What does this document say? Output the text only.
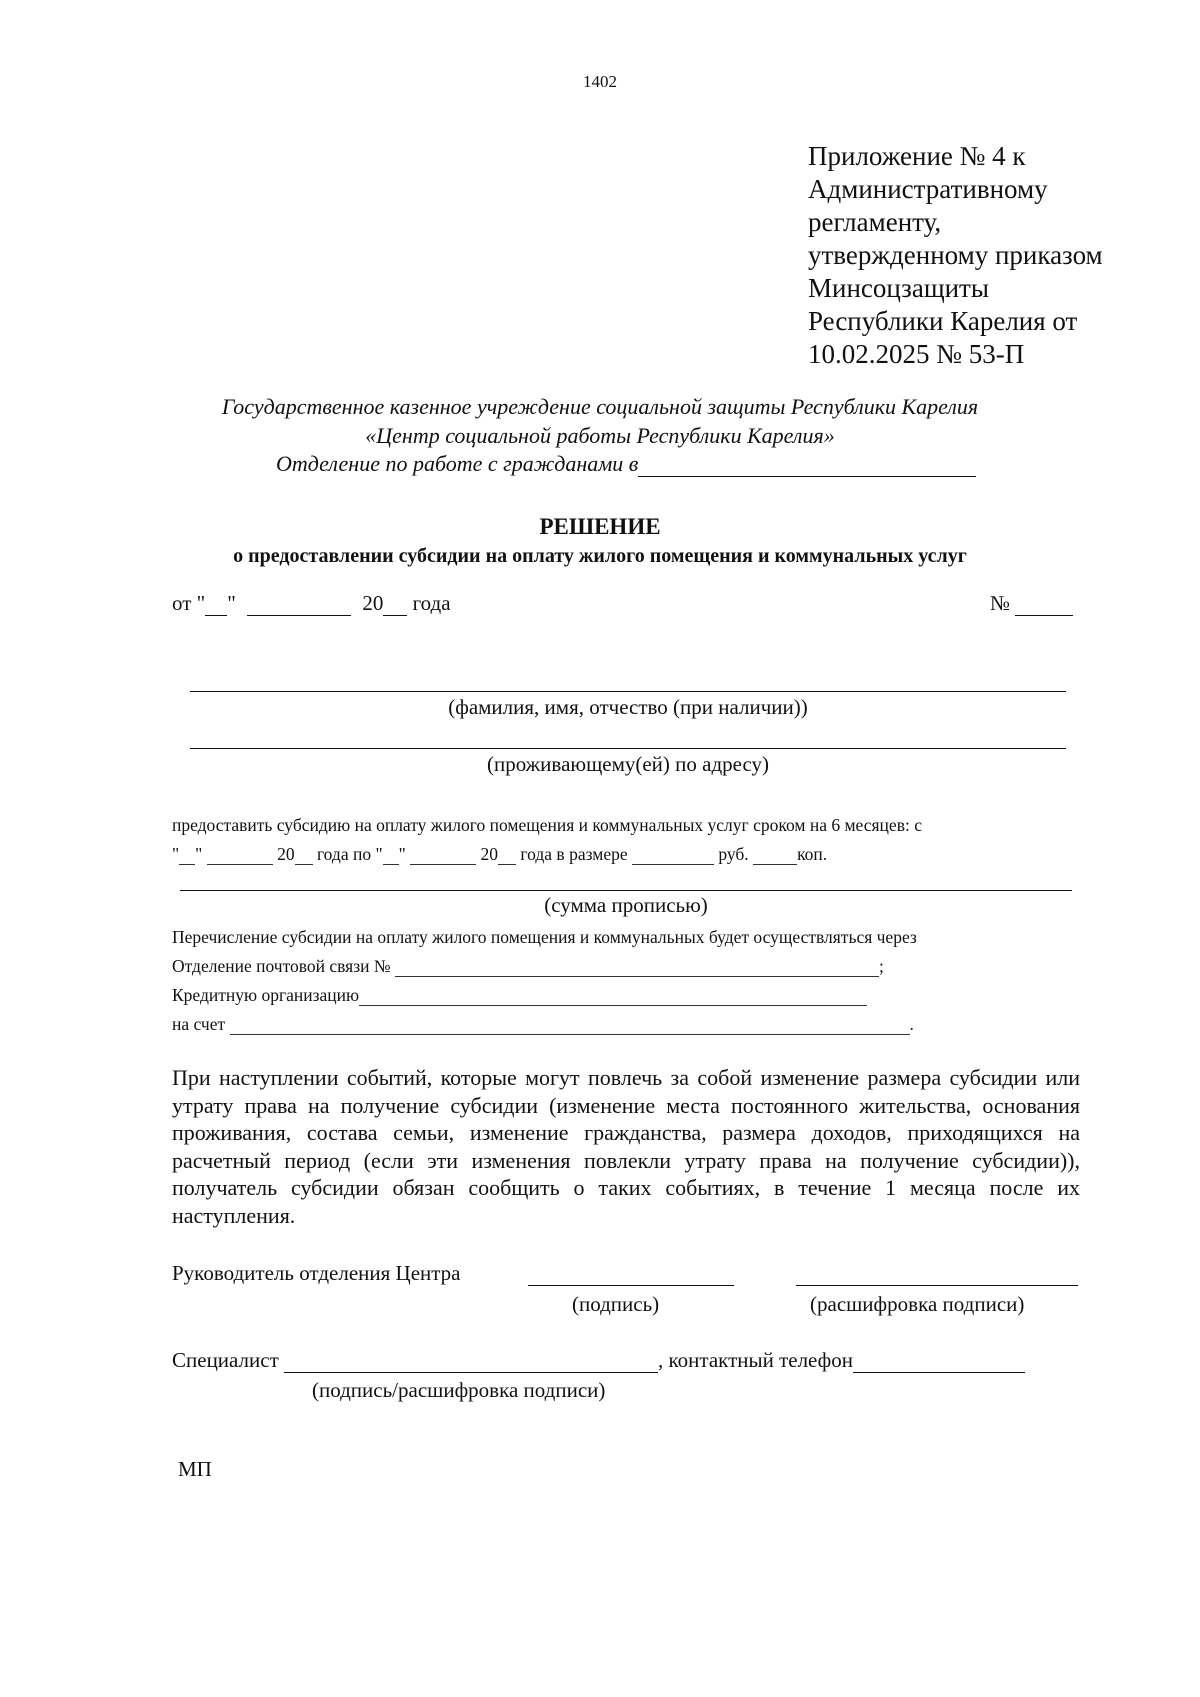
1402
Приложение № 4 к
Административному
регламенту,
утвержденному приказом
Минсоцзащиты
Республики Карелия от
10.02.2025 № 53-П
Государственное казенное учреждение социальной защиты Республики Карелия
«Центр социальной работы Республики Карелия»
Отделение по работе с гражданами в
РЕШЕНИЕ
о предоставлении субсидии на оплату жилого помещения и коммунальных услуг
от " "	20 года	№
(фамилия, имя, отчество (при наличии))
(проживающему(ей) по адресу)
предоставить субсидию на оплату жилого помещения и коммунальных услуг сроком на 6 месяцев: с
" "	20 года по " "	20 года в размере	руб.	коп.
(сумма прописью)
Перечисление субсидии на оплату жилого помещения и коммунальных будет осуществляться через
Отделение почтовой связи №	;
Кредитную организацию
на счет	.
При наступлении событий, которые могут повлечь за собой изменение размера субсидии или утрату права на получение субсидии (изменение места постоянного жительства, основания проживания, состава семьи, изменение гражданства, размера доходов, приходящихся на расчетный период (если эти изменения повлекли утрату права на получение субсидии)), получатель субсидии обязан сообщить о таких событиях, в течение 1 месяца после их наступления.
Руководитель отделения Центра
(подпись)	(расшифровка подписи)
Специалист	, контактный телефон
(подпись/расшифровка подписи)
МП
